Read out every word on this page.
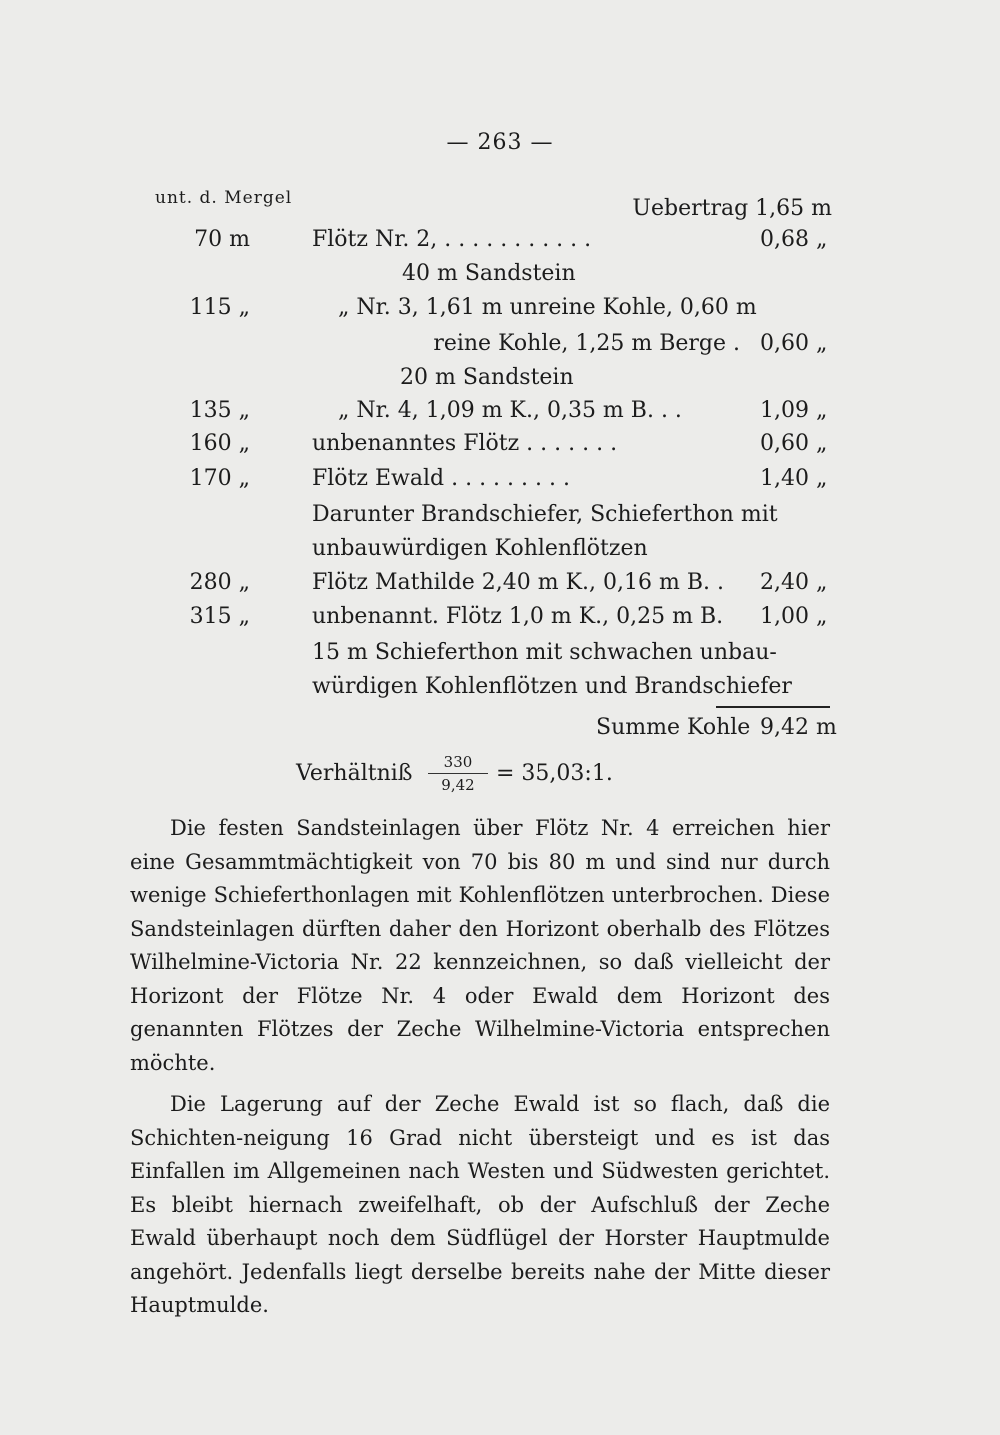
— 263 —
unt. d. Mergel	Uebertrag 1,65 m
70 m	Flötz Nr. 2, . . . . . . . . . . .	0,68 „
40 m Sandstein
115 „	„ Nr. 3, 1,61 m unreine Kohle, 0,60 m
reine Kohle, 1,25 m Berge . 0,60 „
20 m Sandstein
135 „	„ Nr. 4, 1,09 m K., 0,35 m B. . .	1,09 „
160 „	unbenanntes Flötz . . . . . . .	0,60 „
170 „	Flötz Ewald . . . . . . . . .	1,40 „
Darunter Brandschiefer, Schieferthon mit
unbauwürdigen Kohlenflötzen
280 „	Flötz Mathilde 2,40 m K., 0,16 m B. . 2,40 „
315 „	unbenannt. Flötz 1,0 m K., 0,25 m B. 1,00 „
15 m Schieferthon mit schwachen unbau-
würdigen Kohlenflötzen und Brandschiefer
Summe Kohle 9,42 m
Verhältniß	330
9,42 = 35,03:1.

Die festen Sandsteinlagen über Flötz Nr. 4 erreichen hier eine Gesammtmächtigkeit von 70 bis 80 m und sind nur durch wenige Schieferthonlagen mit Kohlenflötzen unterbrochen. Diese Sandsteinlagen dürften daher den Horizont oberhalb des Flötzes Wilhelmine-Victoria Nr. 22 kennzeichnen, so daß vielleicht der Horizont der Flötze Nr. 4 oder Ewald dem Horizont des genannten Flötzes der Zeche Wilhelmine-Victoria entsprechen möchte.

Die Lagerung auf der Zeche Ewald ist so flach, daß die Schichten-neigung 16 Grad nicht übersteigt und es ist das Einfallen im Allgemeinen nach Westen und Südwesten gerichtet. Es bleibt hiernach zweifelhaft, ob der Aufschluß der Zeche Ewald überhaupt noch dem Südflügel der Horster Hauptmulde angehört. Jedenfalls liegt derselbe bereits nahe der Mitte dieser Hauptmulde.
